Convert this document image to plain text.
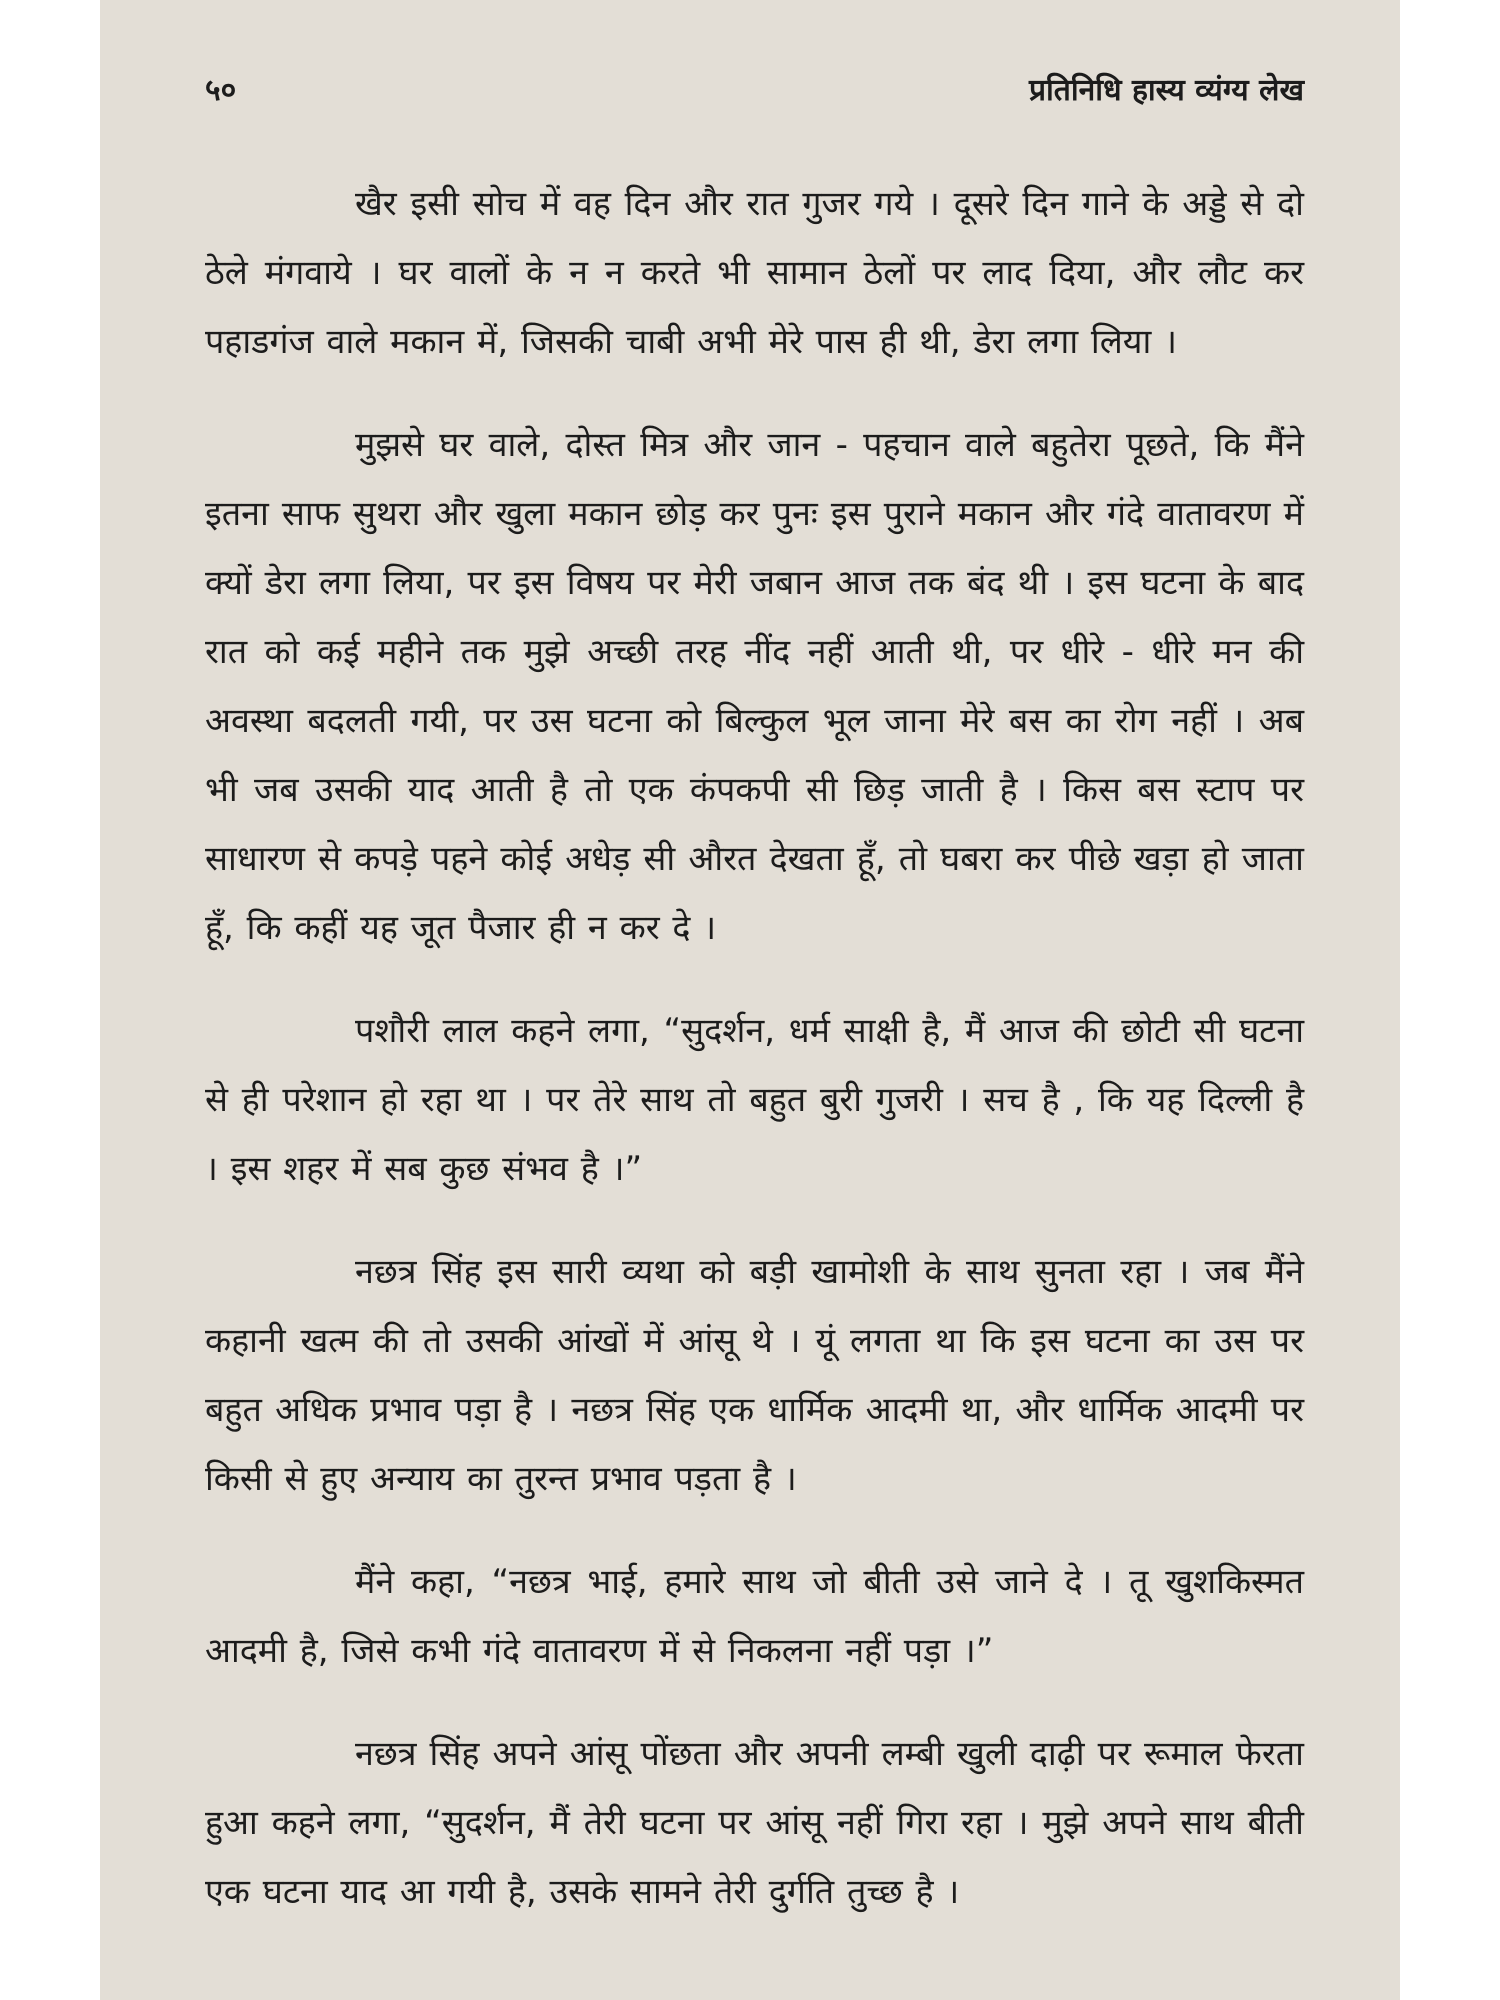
५०	प्रतिनिधि हास्य व्यंग्य लेख

खैर इसी सोच में वह दिन और रात गुजर गये । दूसरे दिन गाने के अड्डे से दो ठेले मंगवाये । घर वालों के न न करते भी सामान ठेलों पर लाद दिया, और लौट कर पहाडगंज वाले मकान में, जिसकी चाबी अभी मेरे पास ही थी, डेरा लगा लिया ।

मुझसे घर वाले, दोस्त मित्र और जान - पहचान वाले बहुतेरा पूछते, कि मैंने इतना साफ सुथरा और खुला मकान छोड़ कर पुनः इस पुराने मकान और गंदे वातावरण में क्यों डेरा लगा लिया, पर इस विषय पर मेरी जबान आज तक बंद थी । इस घटना के बाद रात को कई महीने तक मुझे अच्छी तरह नींद नहीं आती थी, पर धीरे - धीरे मन की अवस्था बदलती गयी, पर उस घटना को बिल्कुल भूल जाना मेरे बस का रोग नहीं । अब भी जब उसकी याद आती है तो एक कंपकपी सी छिड़ जाती है । किस बस स्टाप पर साधारण से कपड़े पहने कोई अधेड़ सी औरत देखता हूँ, तो घबरा कर पीछे खड़ा हो जाता हूँ, कि कहीं यह जूत पैजार ही न कर दे ।

पशौरी लाल कहने लगा, “सुदर्शन, धर्म साक्षी है, मैं आज की छोटी सी घटना से ही परेशान हो रहा था । पर तेरे साथ तो बहुत बुरी गुजरी । सच है , कि यह दिल्ली है । इस शहर में सब कुछ संभव है ।”

नछत्र सिंह इस सारी व्यथा को बड़ी खामोशी के साथ सुनता रहा । जब मैंने कहानी खत्म की तो उसकी आंखों में आंसू थे । यूं लगता था कि इस घटना का उस पर बहुत अधिक प्रभाव पड़ा है । नछत्र सिंह एक धार्मिक आदमी था, और धार्मिक आदमी पर किसी से हुए अन्याय का तुरन्त प्रभाव पड़ता है ।

मैंने कहा, “नछत्र भाई, हमारे साथ जो बीती उसे जाने दे । तू खुशकिस्मत आदमी है, जिसे कभी गंदे वातावरण में से निकलना नहीं पड़ा ।”

नछत्र सिंह अपने आंसू पोंछता और अपनी लम्बी खुली दाढ़ी पर रूमाल फेरता हुआ कहने लगा, “सुदर्शन, मैं तेरी घटना पर आंसू नहीं गिरा रहा । मुझे अपने साथ बीती एक घटना याद आ गयी है, उसके सामने तेरी दुर्गति तुच्छ है ।
